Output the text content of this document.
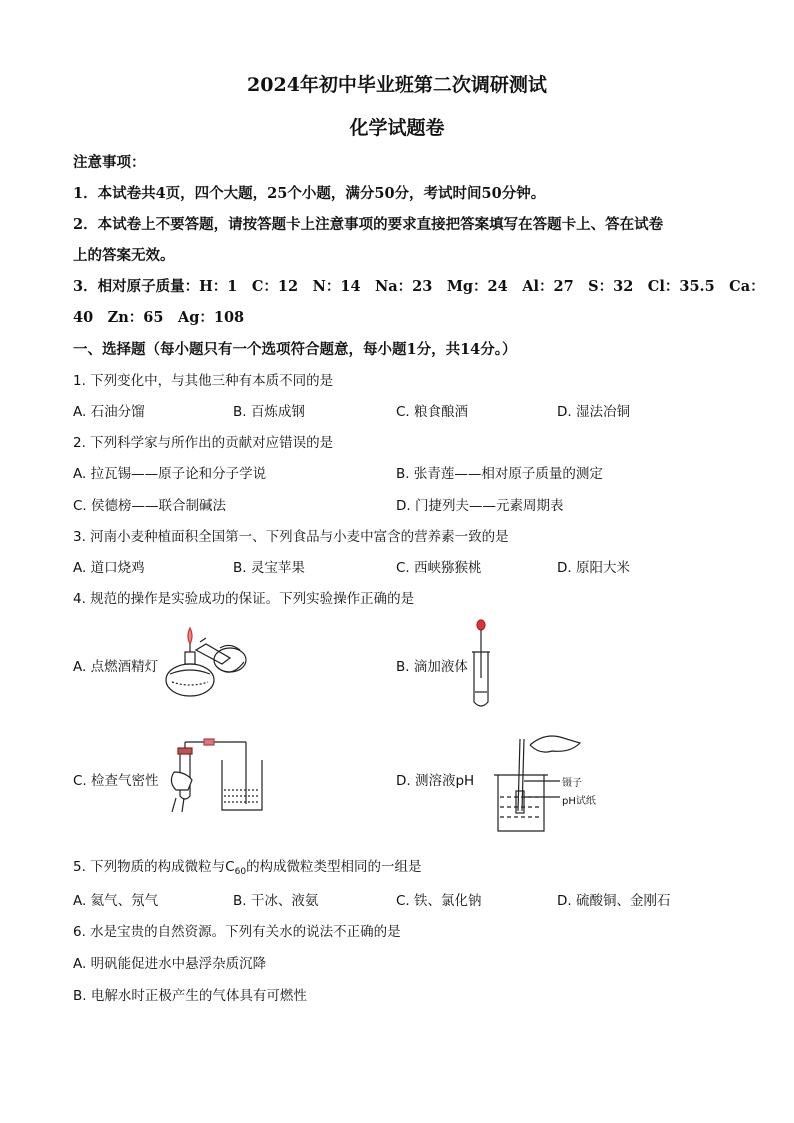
2024年初中毕业班第二次调研测试
化学试题卷
注意事项：
1．本试卷共4页，四个大题，25个小题，满分50分，考试时间50分钟。
2．本试卷上不要答题，请按答题卡上注意事项的要求直接把答案填写在答题卡上、答在试卷
上的答案无效。
3．相对原子质量：H：1　C：12　N：14　Na：23　Mg：24　Al：27　S：32　Cl：35.5　Ca：
40　Zn：65　Ag：108
一、选择题（每小题只有一个选项符合题意，每小题1分，共14分。）
1. 下列变化中，与其他三种有本质不同的是
A. 石油分馏	B. 百炼成钢	C. 粮食酿酒	D. 湿法冶铜
2. 下列科学家与所作出的贡献对应错误的是
A. 拉瓦锡——原子论和分子学说	B. 张青莲——相对原子质量的测定
C. 侯德榜——联合制碱法	D. 门捷列夫——元素周期表
3. 河南小麦种植面积全国第一、下列食品与小麦中富含的营养素一致的是
A. 道口烧鸡	B. 灵宝苹果	C. 西峡猕猴桃	D. 原阳大米
4. 规范的操作是实验成功的保证。下列实验操作正确的是
A. 点燃酒精灯	B. 滴加液体
C. 检查气密性	D. 测溶液pH	镊子
pH试纸
5. 下列物质的构成微粒与$C_{60}$的构成微粒类型相同的一组是
A. 氦气、氖气	B. 干冰、液氨	C. 铁、氯化钠	D. 硫酸铜、金刚石
6. 水是宝贵的自然资源。下列有关水的说法不正确的是
A. 明矾能促进水中悬浮杂质沉降
B. 电解水时正极产生的气体具有可燃性
